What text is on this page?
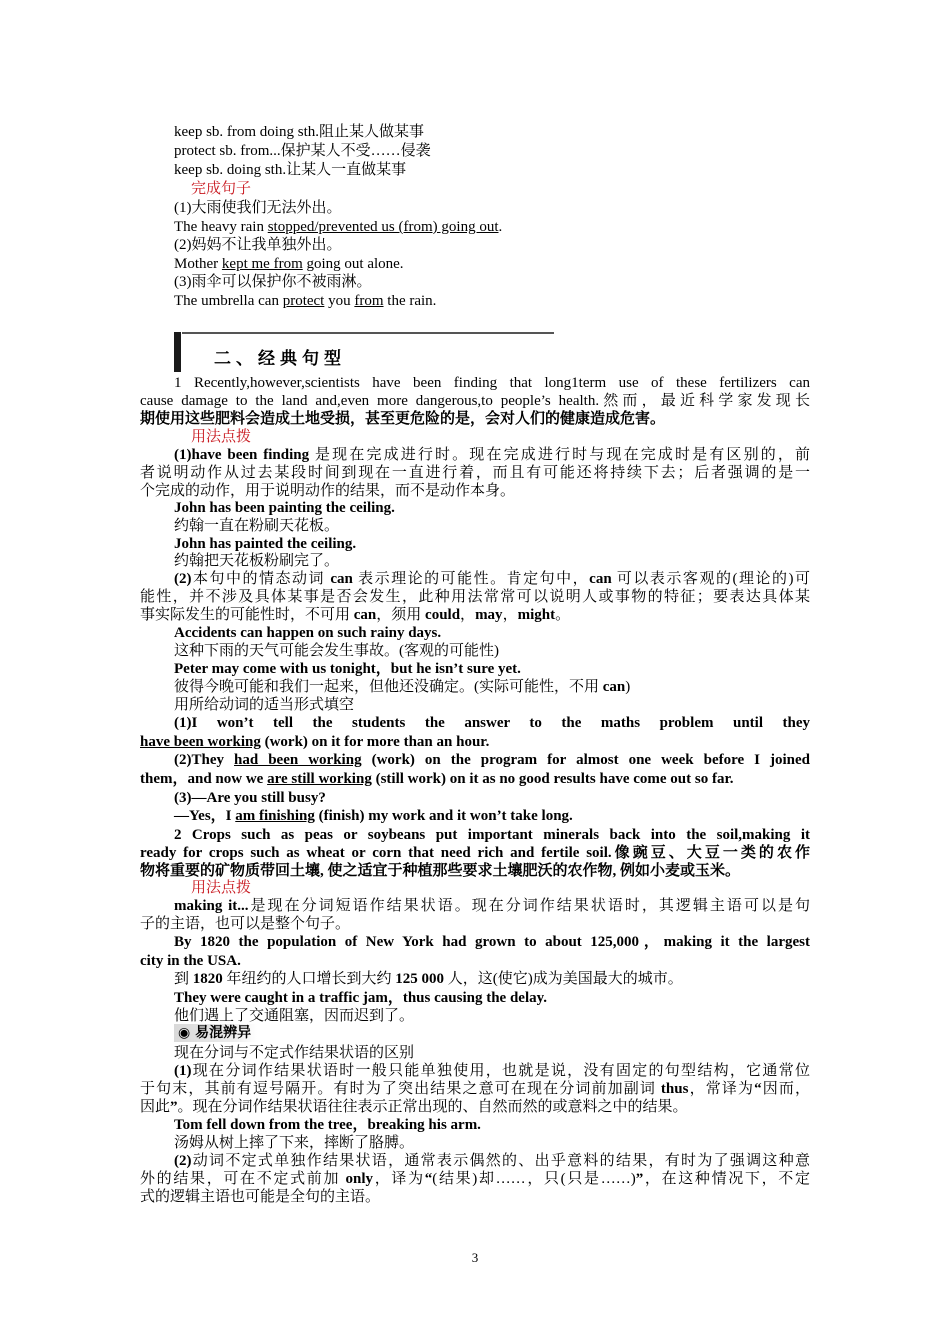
keep sb. from doing sth.阻止某人做某事
protect sb. from...保护某人不受……侵袭
keep sb. doing sth.让某人一直做某事
完成句子
(1)大雨使我们无法外出。
The heavy rain stopped/prevented us (from) going out.
(2)妈妈不让我单独外出。
Mother kept me from going out alone.
(3)雨伞可以保护你不被雨淋。
The umbrella can protect you from the rain.
二、经典句型
1 Recently,however,scientists have been finding that long1term use of these fertilizers can
cause damage to the land and,even more dangerous,to people’s health.然而，最近科学家发现长
期使用这些肥料会造成土地受损，甚至更危险的是，会对人们的健康造成危害。
用法点拨
(1)have been finding 是现在完成进行时。现在完成进行时与现在完成时是有区别的，前
者说明动作从过去某段时间到现在一直进行着，而且有可能还将持续下去；后者强调的是一
个完成的动作，用于说明动作的结果，而不是动作本身。
John has been painting the ceiling.
约翰一直在粉刷天花板。
John has painted the ceiling.
约翰把天花板粉刷完了。
(2)本句中的情态动词 can 表示理论的可能性。肯定句中，can 可以表示客观的(理论的)可
能性，并不涉及具体某事是否会发生，此种用法常常可以说明人或事物的特征；要表达具体某
事实际发生的可能性时，不可用 can，须用 could，may，might。
Accidents can happen on such rainy days.
这种下雨的天气可能会发生事故。(客观的可能性)
Peter may come with us tonight，but he isn’t sure yet.
彼得今晚可能和我们一起来，但他还没确定。(实际可能性，不用 can)
用所给动词的适当形式填空
(1)I won’t tell the students the answer to the maths problem until they
have been working (work) on it for more than an hour.
(2)They had been working (work) on the program for almost one week before I joined
them，and now we are still working (still work) on it as no good results have come out so far.
(3)—Are you still busy?
—Yes，I am finishing (finish) my work and it won’t take long.
2 Crops such as peas or soybeans put important minerals back into the soil,making it
ready for crops such as wheat or corn that need rich and fertile soil.像豌豆、大豆一类的农作
物将重要的矿物质带回土壤, 使之适宜于种植那些要求土壤肥沃的农作物, 例如小麦或玉米。
用法点拨
making it...是现在分词短语作结果状语。现在分词作结果状语时，其逻辑主语可以是句
子的主语，也可以是整个句子。
By 1820 the population of New York had grown to about 125,000，making it the largest
city in the USA.
到 1820 年纽约的人口增长到大约 125 000 人，这(使它)成为美国最大的城市。
They were caught in a traffic jam，thus causing the delay.
他们遇上了交通阻塞，因而迟到了。
◉ 易混辨异
现在分词与不定式作结果状语的区别
(1)现在分词作结果状语时一般只能单独使用，也就是说，没有固定的句型结构，它通常位
于句末，其前有逗号隔开。有时为了突出结果之意可在现在分词前加副词 thus，常译为“因而，
因此”。现在分词作结果状语往往表示正常出现的、自然而然的或意料之中的结果。
Tom fell down from the tree，breaking his arm.
汤姆从树上摔了下来，摔断了胳膊。
(2)动词不定式单独作结果状语，通常表示偶然的、出乎意料的结果，有时为了强调这种意
外的结果，可在不定式前加 only，译为“(结果)却……，只(只是……)”，在这种情况下，不定
式的逻辑主语也可能是全句的主语。
3
